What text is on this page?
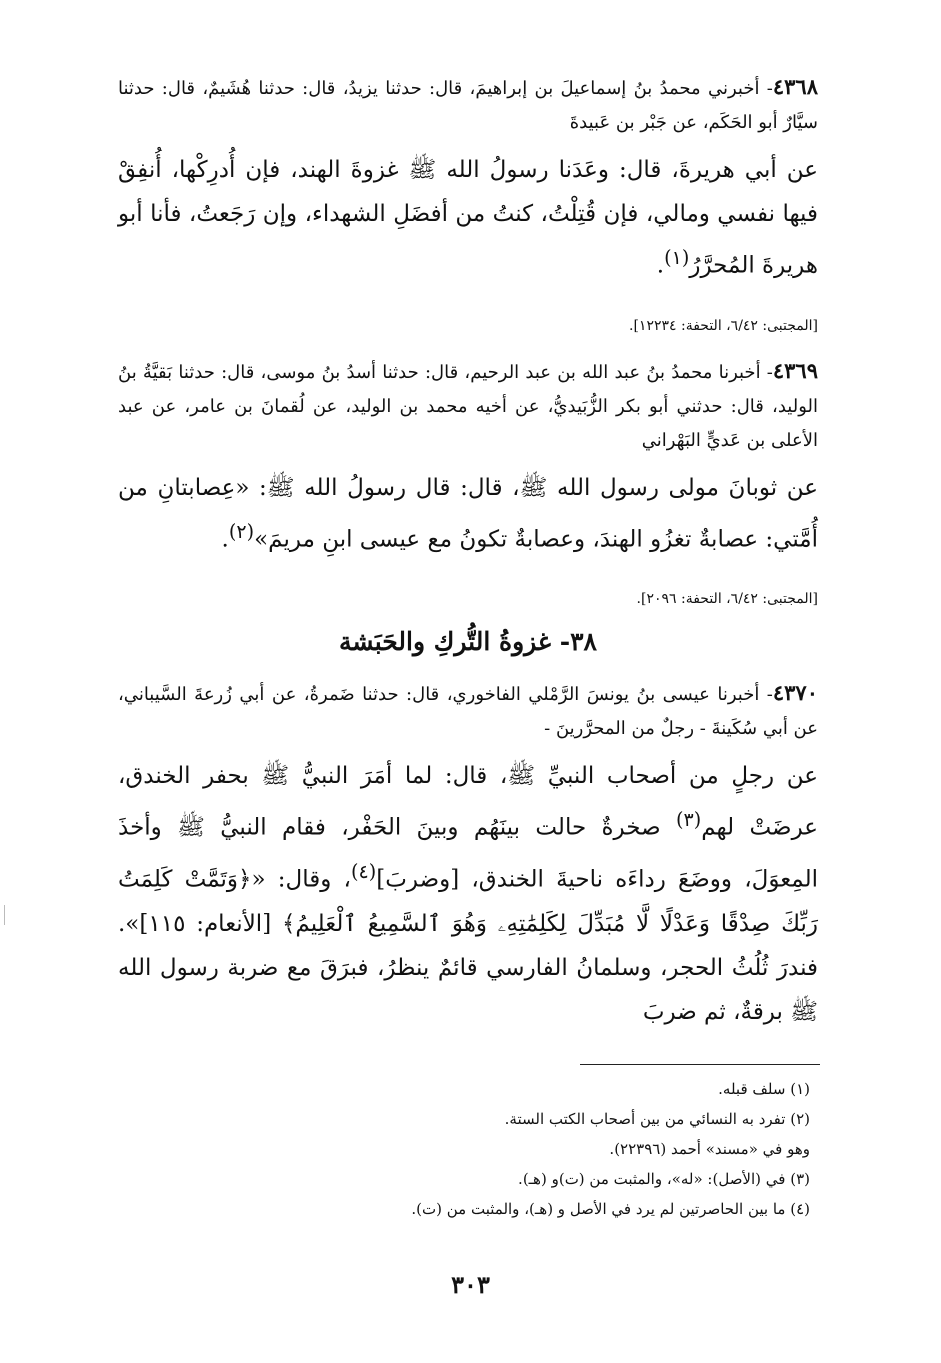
٤٣٦٨- أخبرني محمدُ بنُ إسماعيلَ بن إبراهيمَ، قال: حدثنا يزيدُ، قال: حدثنا هُشَيمٌ، قال: حدثنا سيَّارٌ أبو الحَكَم، عن جَبْر بن عَبيدةَ

عن أبي هريرةَ، قال: وعَدَنا رسولُ الله ﷺ غزوةَ الهند، فإن أُدرِكْها، أُنفِقْ فيها نفسي ومالي، فإن قُتِلْتُ، كنتُ من أفضَلِ الشهداء، وإن رَجَعتُ، فأنا أبو هريرةَ المُحرَّرُ$^{(١)}$.

[المجتبى: ٦/٤٢، التحفة: ١٢٢٣٤].

٤٣٦٩- أخبرنا محمدُ بنُ عبد الله بن عبد الرحيم، قال: حدثنا أسدُ بنُ موسى، قال: حدثنا بَقيَّةُ بنُ الوليد، قال: حدثني أبو بكر الزُّبَيديُّ، عن أخيه محمد بن الوليد، عن لُقمانَ بن عامر، عن عبد الأعلى بن عَديٍّ البَهْراني

عن ثوبانَ مولى رسول الله ﷺ، قال: قال رسولُ الله ﷺ: «عِصابتانِ من أُمَّتي: عصابةٌ تغزُو الهندَ، وعصابةٌ تكونُ مع عيسى ابنِ مريمَ»$^{(٢)}$.

[المجتبى: ٦/٤٢، التحفة: ٢٠٩٦].

٣٨- غزوةُ التُّركِ والحَبَشة

٤٣٧٠- أخبرنا عيسى بنُ يونسَ الرَّمْلي الفاخوري، قال: حدثنا ضَمرةُ، عن أبي زُرعةَ السَّيباني، عن أبي سُكَينةَ - رجلٌ من المحرَّرينَ -

عن رجلٍ من أصحاب النبيِّ ﷺ، قال: لما أمَرَ النبيُّ ﷺ بحفر الخندق، عرضَتْ لهم$^{(٣)}$ صخرةٌ حالت بينَهُم وبينَ الحَفْر، فقام النبيُّ ﷺ وأخذَ المِعوَلَ، ووضَعَ رداءَه ناحيةَ الخندق، [وضربَ]$^{(٤)}$، وقال: «﴿وَتَمَّتْ كَلِمَتُ رَبِّكَ صِدْقًا وَعَدْلًا لَّا مُبَدِّلَ لِكَلِمَٰتِهِۦ وَهُوَ ٱلسَّمِيعُ ٱلْعَلِيمُ﴾ [الأنعام: ١١٥]». فندرَ ثُلُثُ الحجر، وسلمانُ الفارسي قائمٌ ينظرُ، فبرَقَ مع ضربة رسول الله ﷺ برقةٌ، ثم ضربَ

(١) سلف قبله.

(٢) تفرد به النسائي من بين أصحاب الكتب الستة.

وهو في «مسند» أحمد (٢٢٣٩٦).

(٣) في (الأصل): «له»، والمثبت من (ت)و (هـ).

(٤) ما بين الحاصرتين لم يرد في الأصل و (هـ)، والمثبت من (ت).

٣٠٣
